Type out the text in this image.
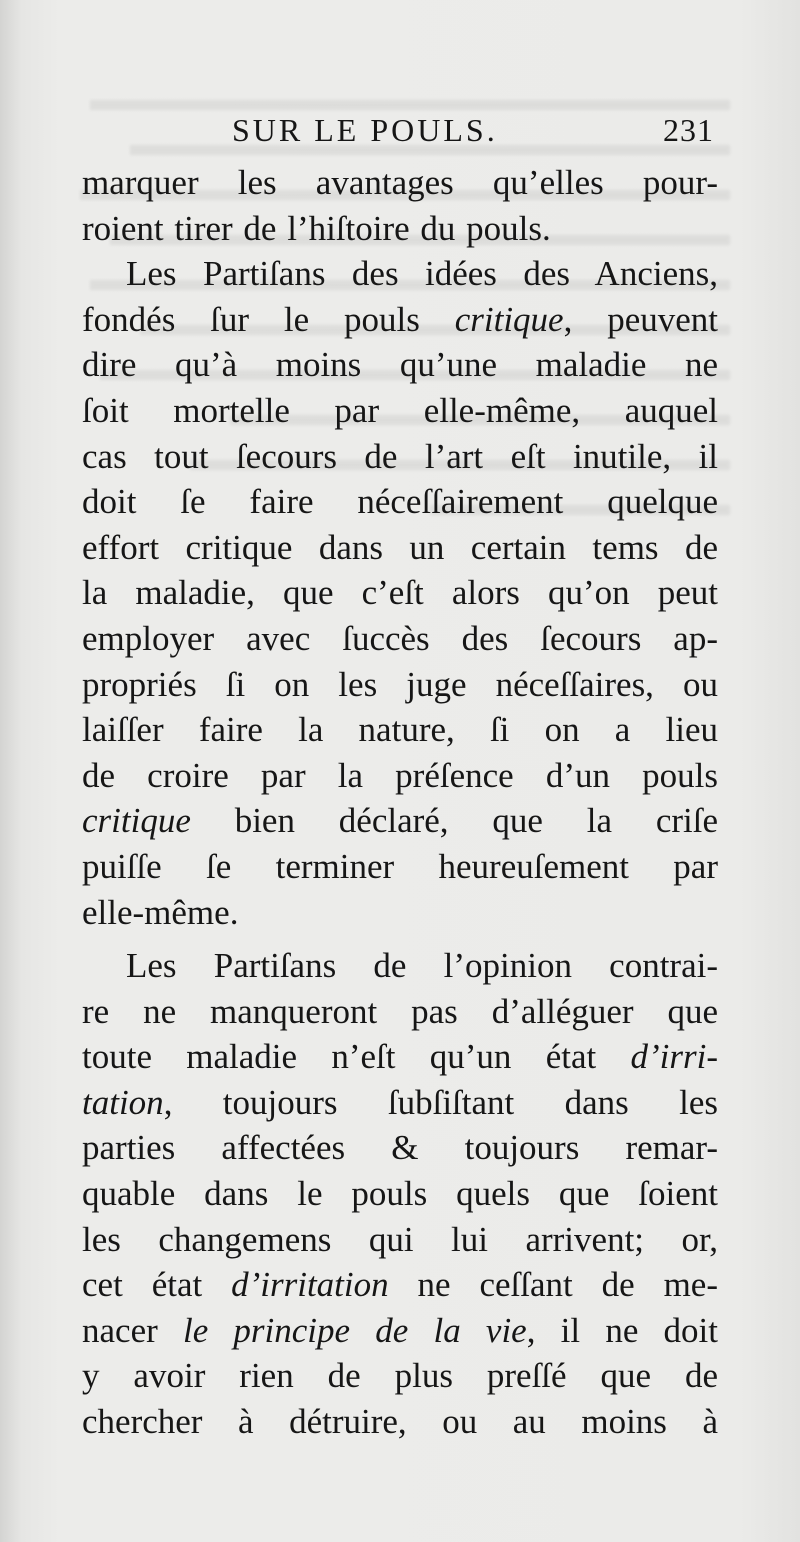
SUR LE POULS.	231
marquer les avantages qu’elles pour-
roient tirer de l’hiſtoire du pouls.
Les Partiſans des idées des Anciens,
fondés ſur le pouls critique, peuvent
dire qu’à moins qu’une maladie ne
ſoit mortelle par elle-même, auquel
cas tout ſecours de l’art eſt inutile, il
doit ſe faire néceſſairement quelque
effort critique dans un certain tems de
la maladie, que c’eſt alors qu’on peut
employer avec ſuccès des ſecours ap-
propriés ſi on les juge néceſſaires, ou
laiſſer faire la nature, ſi on a lieu
de croire par la préſence d’un pouls
critique bien déclaré, que la criſe
puiſſe ſe terminer heureuſement par
elle-même.
Les Partiſans de l’opinion contrai-
re ne manqueront pas d’alléguer que
toute maladie n’eſt qu’un état d’irri-
tation, toujours ſubſiſtant dans les
parties affectées & toujours remar-
quable dans le pouls quels que ſoient
les changemens qui lui arrivent; or,
cet état d’irritation ne ceſſant de me-
nacer le principe de la vie, il ne doit
y avoir rien de plus preſſé que de
chercher à détruire, ou au moins à
